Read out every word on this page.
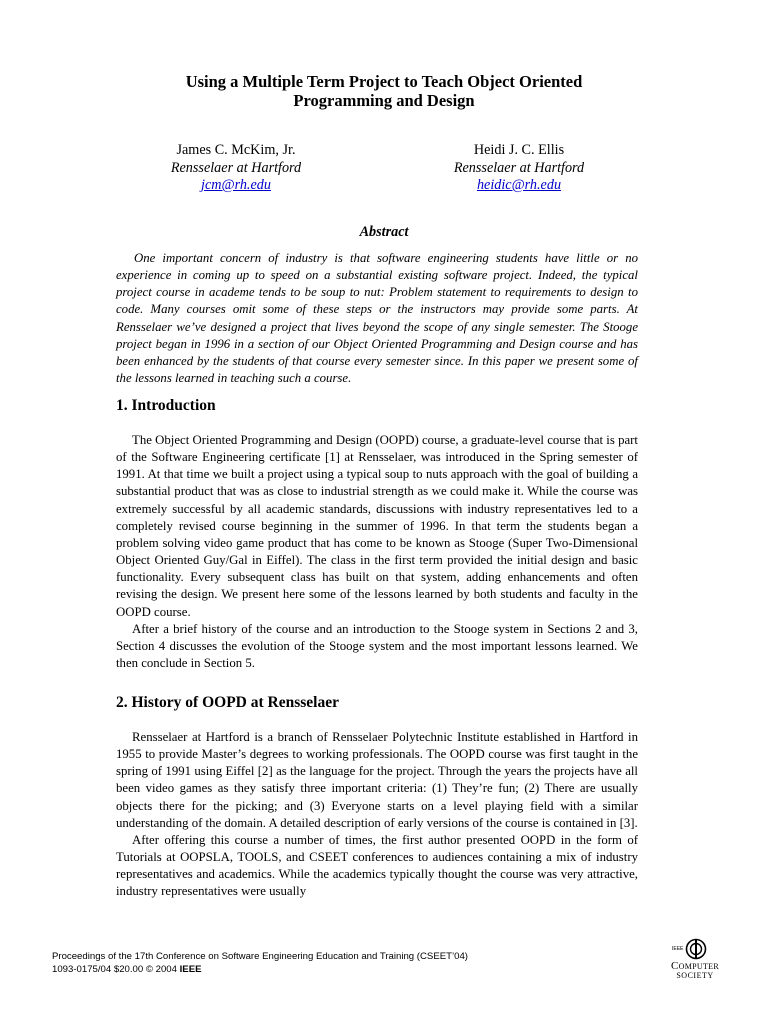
Using a Multiple Term Project to Teach Object Oriented
Programming and Design
James C. McKim, Jr.
Rensselaer at Hartford
jcm@rh.edu
Heidi J. C. Ellis
Rensselaer at Hartford
heidic@rh.edu
Abstract

One important concern of industry is that software engineering students have little or no experience in coming up to speed on a substantial existing software project. Indeed, the typical project course in academe tends to be soup to nut: Problem statement to requirements to design to code. Many courses omit some of these steps or the instructors may provide some parts. At Rensselaer we’ve designed a project that lives beyond the scope of any single semester. The Stooge project began in 1996 in a section of our Object Oriented Programming and Design course and has been enhanced by the students of that course every semester since. In this paper we present some of the lessons learned in teaching such a course.

1. Introduction

The Object Oriented Programming and Design (OOPD) course, a graduate-level course that is part of the Software Engineering certificate [1] at Rensselaer, was introduced in the Spring semester of 1991. At that time we built a project using a typical soup to nuts approach with the goal of building a substantial product that was as close to industrial strength as we could make it. While the course was extremely successful by all academic standards, discussions with industry representatives led to a completely revised course beginning in the summer of 1996. In that term the students began a problem solving video game product that has come to be known as Stooge (Super Two-Dimensional Object Oriented Guy/Gal in Eiffel). The class in the first term provided the initial design and basic functionality. Every subsequent class has built on that system, adding enhancements and often revising the design. We present here some of the lessons learned by both students and faculty in the OOPD course.

After a brief history of the course and an introduction to the Stooge system in Sections 2 and 3, Section 4 discusses the evolution of the Stooge system and the most important lessons learned. We then conclude in Section 5.

2. History of OOPD at Rensselaer

Rensselaer at Hartford is a branch of Rensselaer Polytechnic Institute established in Hartford in 1955 to provide Master’s degrees to working professionals. The OOPD course was first taught in the spring of 1991 using Eiffel [2] as the language for the project. Through the years the projects have all been video games as they satisfy three important criteria: (1) They’re fun; (2) There are usually objects there for the picking; and (3) Everyone starts on a level playing field with a similar understanding of the domain. A detailed description of early versions of the course is contained in [3].

After offering this course a number of times, the first author presented OOPD in the form of Tutorials at OOPSLA, TOOLS, and CSEET conferences to audiences containing a mix of industry representatives and academics. While the academics typically thought the course was very attractive, industry representatives were usually

Proceedings of the 17th Conference on Software Engineering Education and Training (CSEET’04)
1093-0175/04 $20.00 © 2004 IEEE
IEEE
Computer
SOCIETY
